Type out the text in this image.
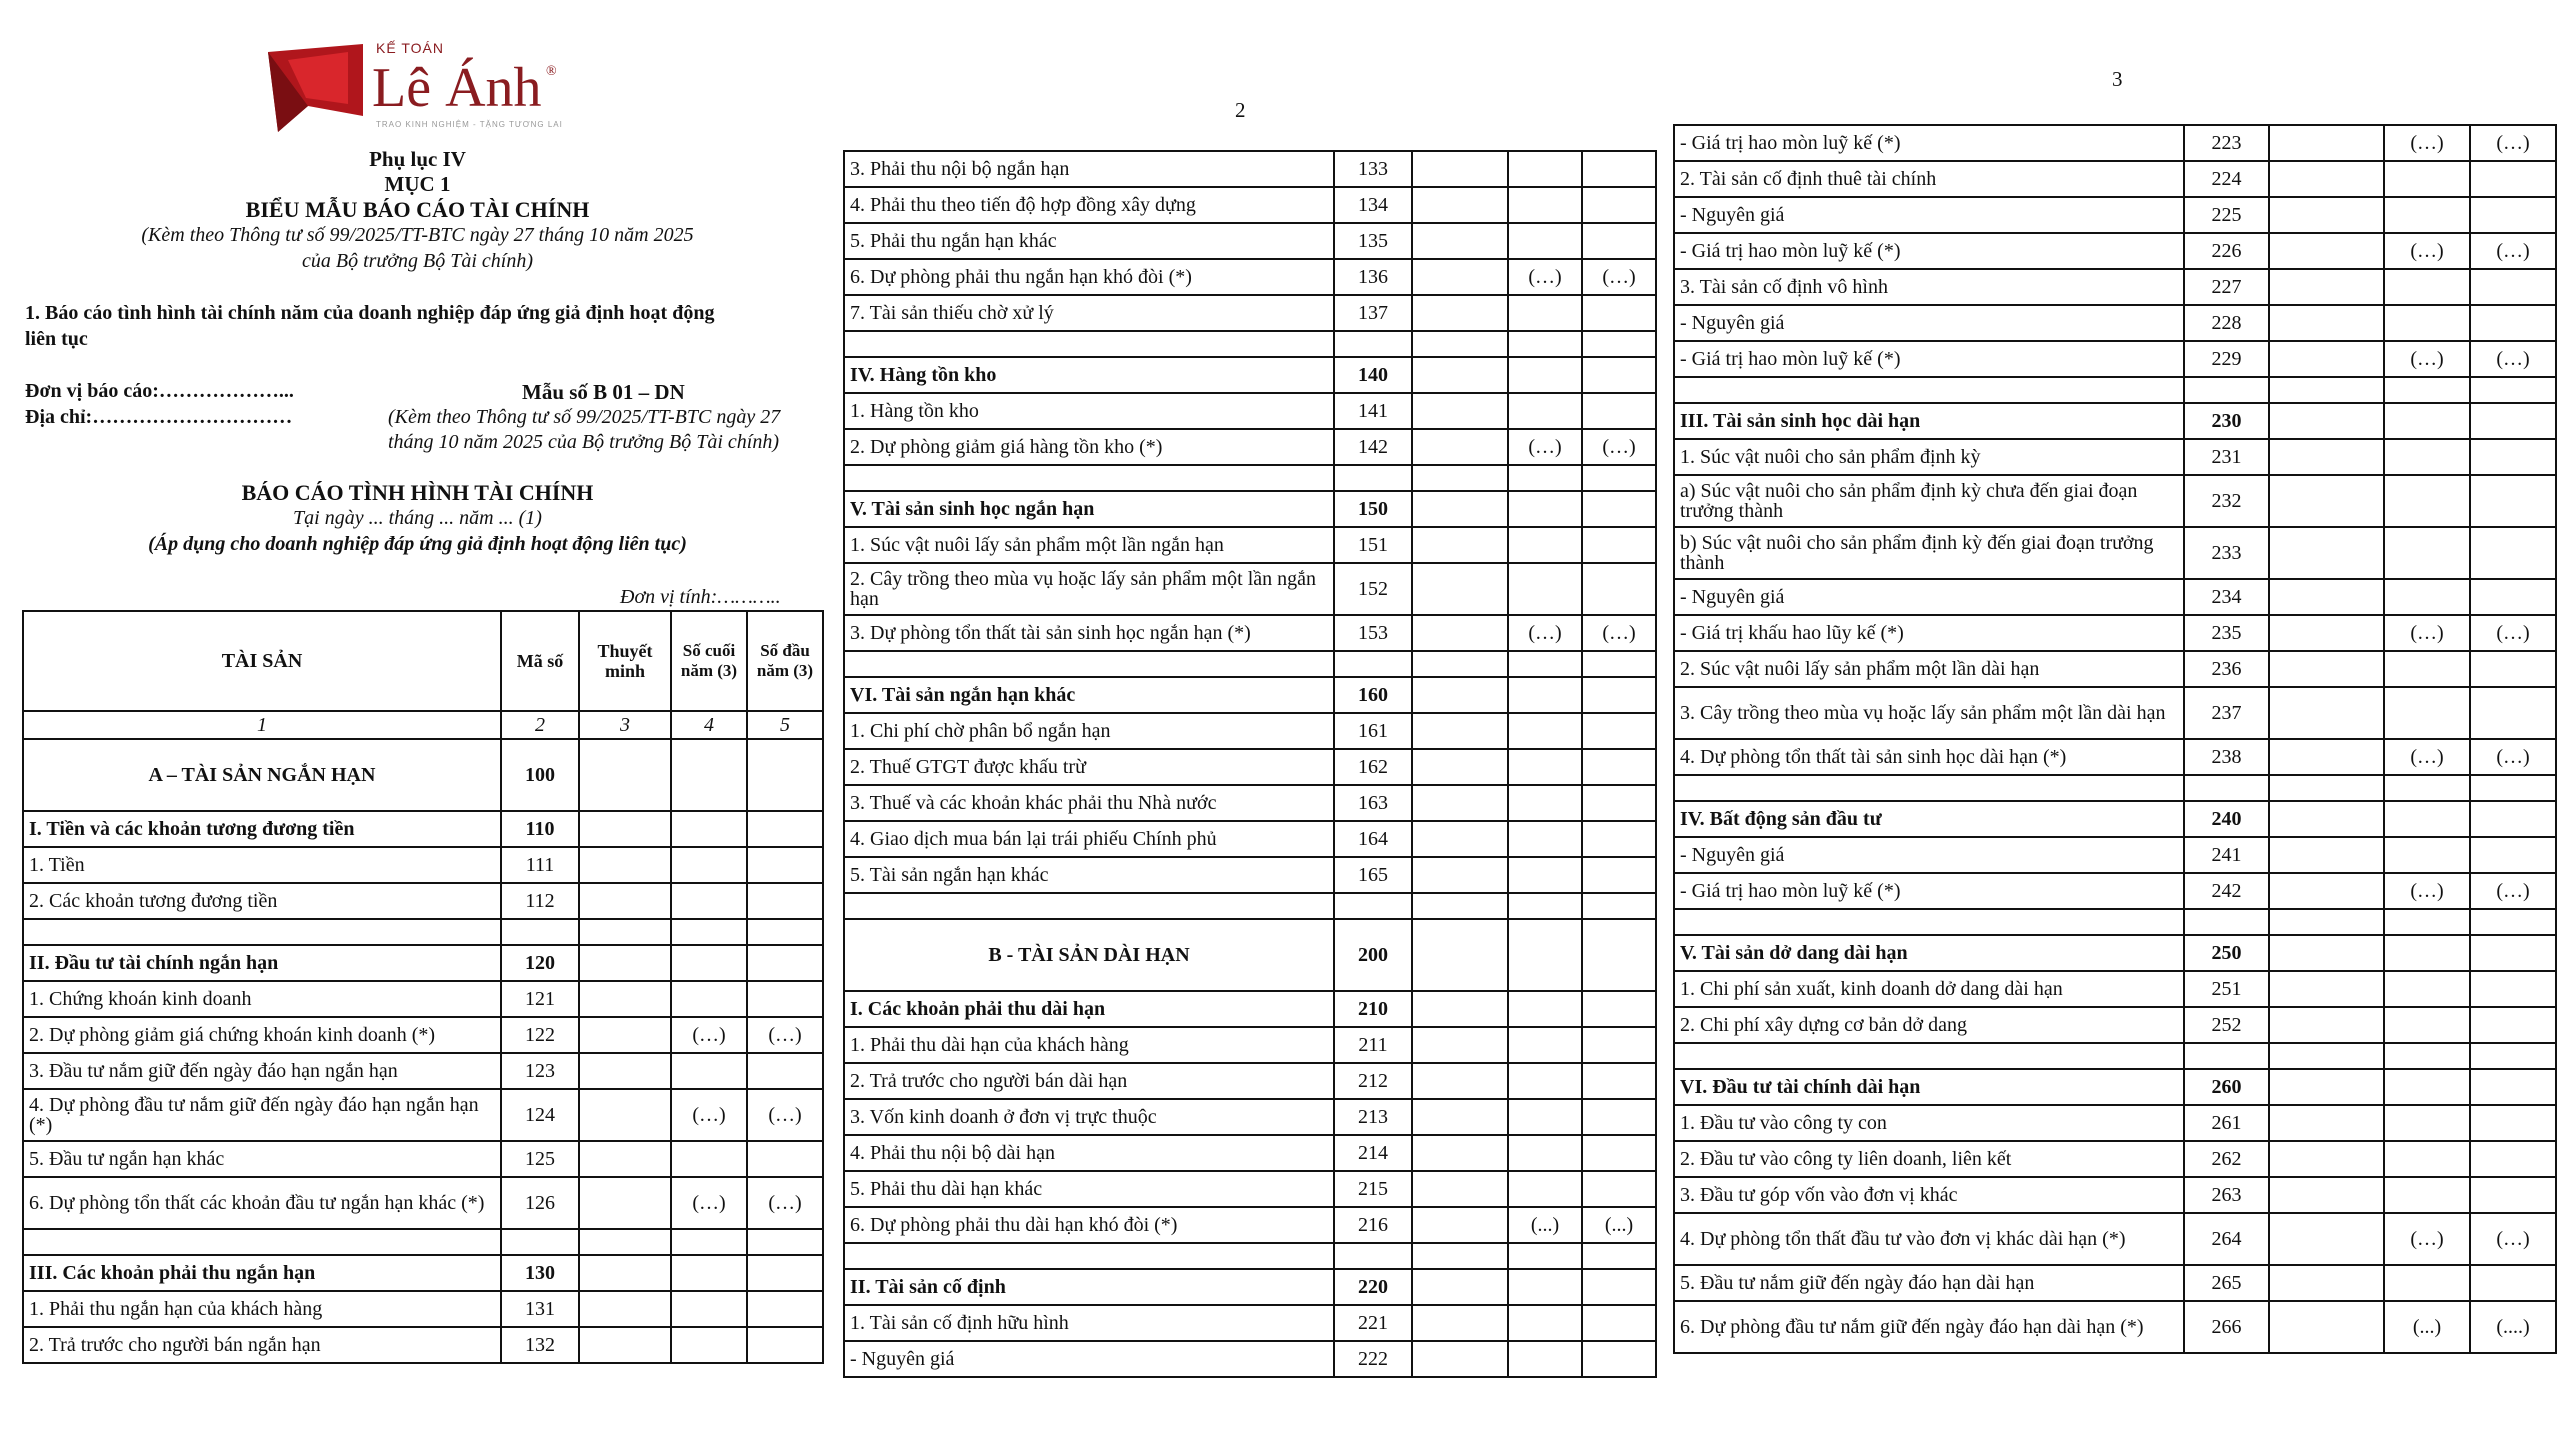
KẾ TOÁN
Lê Ánh ®
TRAO KINH NGHIỆM - TẶNG TƯƠNG LAI
Phụ lục IV
MỤC 1
BIỂU MẪU BÁO CÁO TÀI CHÍNH
(Kèm theo Thông tư số 99/2025/TT-BTC ngày 27 tháng 10 năm 2025
của Bộ trưởng Bộ Tài chính)
1. Báo cáo tình hình tài chính năm của doanh nghiệp đáp ứng giả định hoạt động
liên tục
Đơn vị báo cáo:………………...
Địa chỉ:…………………………
Mẫu số B 01 – DN
(Kèm theo Thông tư số 99/2025/TT-BTC ngày 27
tháng 10 năm 2025 của Bộ trưởng Bộ Tài chính)
BÁO CÁO TÌNH HÌNH TÀI CHÍNH
Tại ngày ... tháng ... năm ... (1)
(Áp dụng cho doanh nghiệp đáp ứng giả định hoạt động liên tục)
Đơn vị tính:………..
TÀI SẢN	Mã số	Thuyết minh	Số cuối năm (3)	Số đầu năm (3)
1	2	3	4	5
A – TÀI SẢN NGẮN HẠN	100			
I. Tiền và các khoản tương đương tiền	110			
1. Tiền	111			
2. Các khoản tương đương tiền	112			

II. Đầu tư tài chính ngắn hạn	120			
1. Chứng khoán kinh doanh	121			
2. Dự phòng giảm giá chứng khoán kinh doanh (*)	122		(…)	(…)
3. Đầu tư nắm giữ đến ngày đáo hạn ngắn hạn	123			
4. Dự phòng đầu tư nắm giữ đến ngày đáo hạn ngắn hạn (*)	124		(…)	(…)
5. Đầu tư ngắn hạn khác	125			
6. Dự phòng tổn thất các khoản đầu tư ngắn hạn khác (*)	126		(…)	(…)

III. Các khoản phải thu ngắn hạn	130			
1. Phải thu ngắn hạn của khách hàng	131			
2. Trả trước cho người bán ngắn hạn	132			
2
3. Phải thu nội bộ ngắn hạn	133			
4. Phải thu theo tiến độ hợp đồng xây dựng	134			
5. Phải thu ngắn hạn khác	135			
6. Dự phòng phải thu ngắn hạn khó đòi (*)	136		(…)	(…)
7. Tài sản thiếu chờ xử lý	137			

IV. Hàng tồn kho	140			
1. Hàng tồn kho	141			
2. Dự phòng giảm giá hàng tồn kho (*)	142		(…)	(…)

V. Tài sản sinh học ngắn hạn	150			
1. Súc vật nuôi lấy sản phẩm một lần ngắn hạn	151			
2. Cây trồng theo mùa vụ hoặc lấy sản phẩm một lần ngắn hạn	152			
3. Dự phòng tổn thất tài sản sinh học ngắn hạn (*)	153		(…)	(…)

VI. Tài sản ngắn hạn khác	160			
1. Chi phí chờ phân bổ ngắn hạn	161			
2. Thuế GTGT được khấu trừ	162			
3. Thuế và các khoản khác phải thu Nhà nước	163			
4. Giao dịch mua bán lại trái phiếu Chính phủ	164			
5. Tài sản ngắn hạn khác	165			

B - TÀI SẢN DÀI HẠN	200			
I. Các khoản phải thu dài hạn	210			
1. Phải thu dài hạn của khách hàng	211			
2. Trả trước cho người bán dài hạn	212			
3. Vốn kinh doanh ở đơn vị trực thuộc	213			
4. Phải thu nội bộ dài hạn	214			
5. Phải thu dài hạn khác	215			
6. Dự phòng phải thu dài hạn khó đòi (*)	216		(...)	(...)

II. Tài sản cố định	220			
1. Tài sản cố định hữu hình	221			
- Nguyên giá	222			
3
- Giá trị hao mòn luỹ kế (*)	223		(…)	(…)
2. Tài sản cố định thuê tài chính	224			
- Nguyên giá	225			
- Giá trị hao mòn luỹ kế (*)	226		(…)	(…)
3. Tài sản cố định vô hình	227			
- Nguyên giá	228			
- Giá trị hao mòn luỹ kế (*)	229		(…)	(…)

III. Tài sản sinh học dài hạn	230			
1. Súc vật nuôi cho sản phẩm định kỳ	231			
a) Súc vật nuôi cho sản phẩm định kỳ chưa đến giai đoạn trưởng thành	232			
b) Súc vật nuôi cho sản phẩm định kỳ đến giai đoạn trưởng thành	233			
- Nguyên giá	234			
- Giá trị khấu hao lũy kế (*)	235		(…)	(…)
2. Súc vật nuôi lấy sản phẩm một lần dài hạn	236			
3. Cây trồng theo mùa vụ hoặc lấy sản phẩm một lần dài hạn	237			
4. Dự phòng tổn thất tài sản sinh học dài hạn (*)	238		(…)	(…)

IV. Bất động sản đầu tư	240			
- Nguyên giá	241			
- Giá trị hao mòn luỹ kế (*)	242		(…)	(…)

V. Tài sản dở dang dài hạn	250			
1. Chi phí sản xuất, kinh doanh dở dang dài hạn	251			
2. Chi phí xây dựng cơ bản dở dang	252			

VI. Đầu tư tài chính dài hạn	260			
1. Đầu tư vào công ty con	261			
2. Đầu tư vào công ty liên doanh, liên kết	262			
3. Đầu tư góp vốn vào đơn vị khác	263			
4. Dự phòng tổn thất đầu tư vào đơn vị khác dài hạn (*)	264		(…)	(…)
5. Đầu tư nắm giữ đến ngày đáo hạn dài hạn	265			
6. Dự phòng đầu tư nắm giữ đến ngày đáo hạn dài hạn (*)	266		(...)	(....)
